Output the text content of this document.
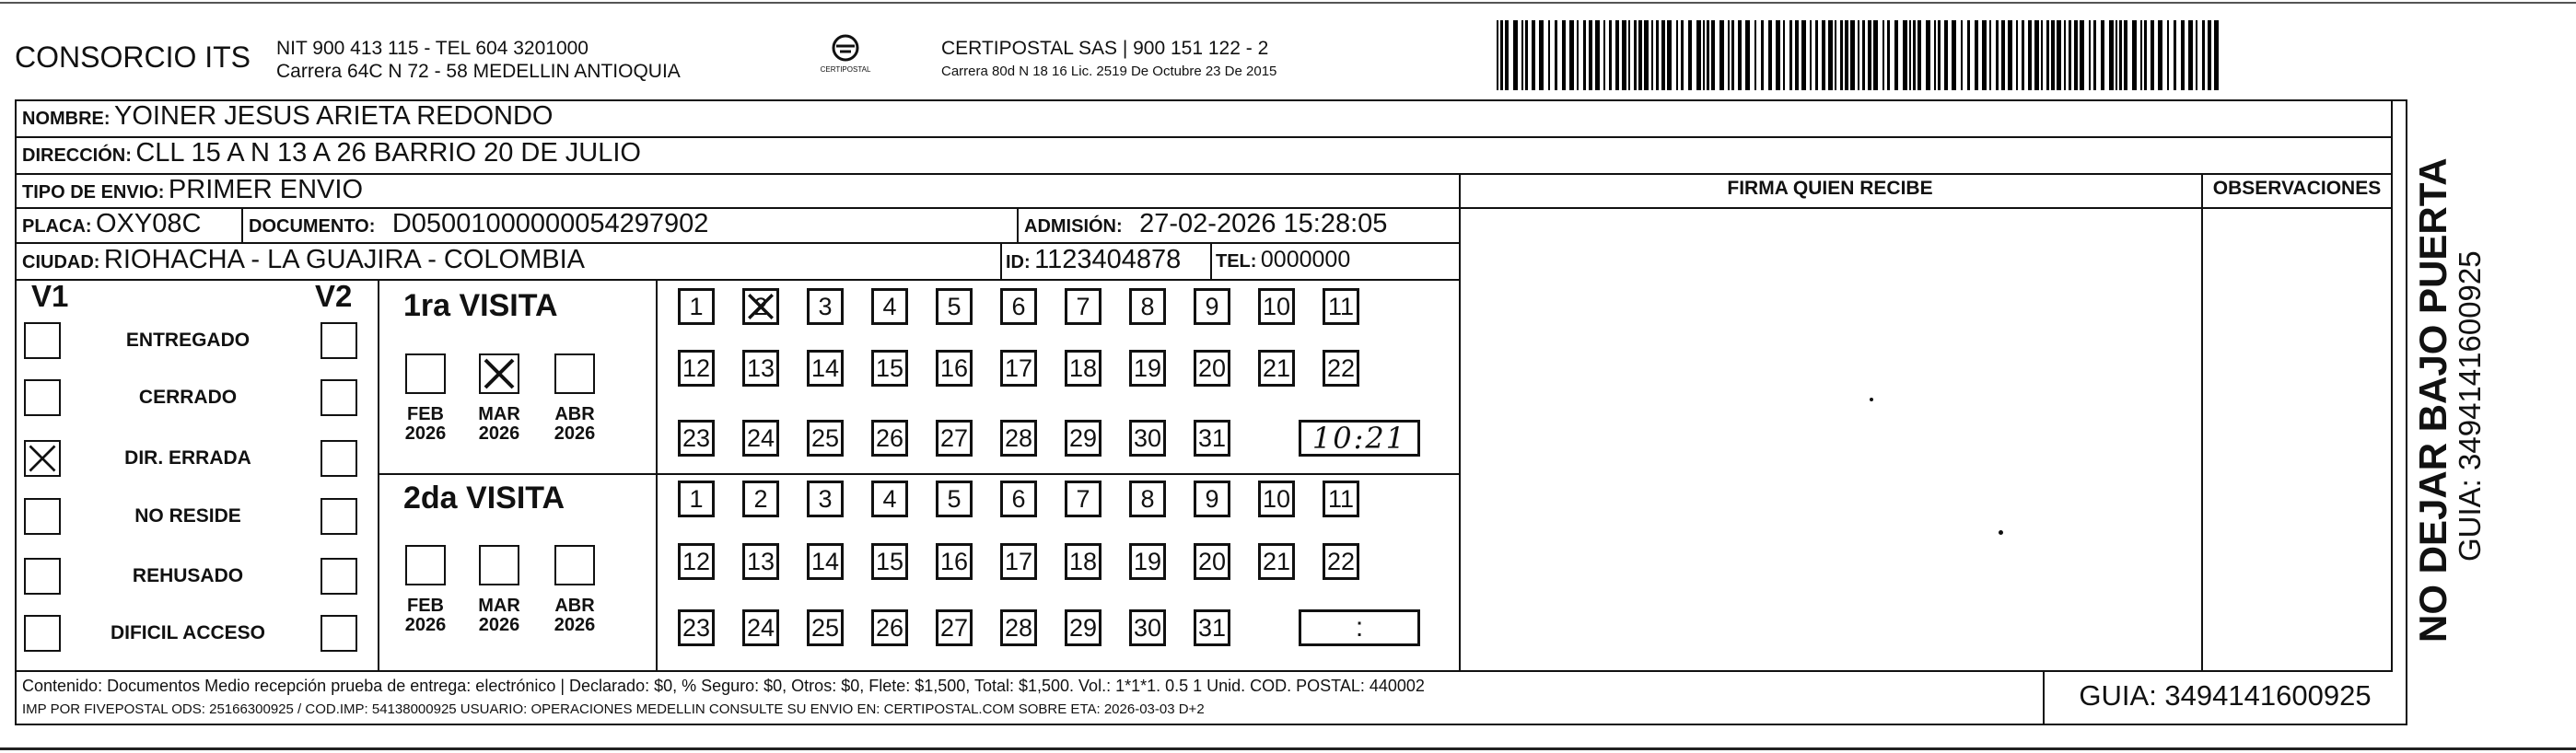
CONSORCIO ITS NIT 900 413 115 - TEL 604 3201000
Carrera 64C N 72 - 58 MEDELLIN ANTIOQUIA	CERTIPOSTAL
CERTIPOSTAL SAS | 900 151 122 - 2
Carrera 80d N 18 16 Lic. 2519 De Octubre 23 De 2015
NOMBRE: YOINER JESUS ARIETA REDONDO
DIRECCIÓN: CLL 15 A N 13 A 26 BARRIO 20 DE JULIO
TIPO DE ENVIO: PRIMER ENVIO	FIRMA QUIEN RECIBE	OBSERVACIONES
PLACA: OXY08C	DOCUMENTO: D05001000000054297902	ADMISIÓN: 27-02-2026 15:28:05
CIUDAD: RIOHACHA - LA GUAJIRA - COLOMBIA	ID: 1123404878 TEL: 0000000
V1	V2
ENTREGADO
CERRADO
DIR. ERRADA
NO RESIDE
REHUSADO
DIFICIL ACCESO
1ra VISITA
2da VISITA
FEB
2026
MAR
2026
ABR
2026
FEB
2026
MAR
2026
ABR
2026
1 2 3 4 5 6 7 8 9 10 11
12 13 14 15 16 17 18 19 20 21 22
23 24 25 26 27 28 29 30 31	10:21
1 2 3 4 5 6 7 8 9 10 11
12 13 14 15 16 17 18 19 20 21 22
23 24 25 26 27 28 29 30 31	:
Contenido: Documentos Medio recepción prueba de entrega: electrónico | Declarado: $0, % Seguro: $0, Otros: $0, Flete: $1,500, Total: $1,500. Vol.: 1*1*1. 0.5 1 Unid. COD. POSTAL: 440002
IMP POR FIVEPOSTAL ODS: 25166300925 / COD.IMP: 54138000925 USUARIO: OPERACIONES MEDELLIN CONSULTE SU ENVIO EN: CERTIPOSTAL.COM SOBRE ETA: 2026-03-03 D+2	GUIA: 3494141600925
NO DEJAR BAJO PUERTA
GUIA: 3494141600925
